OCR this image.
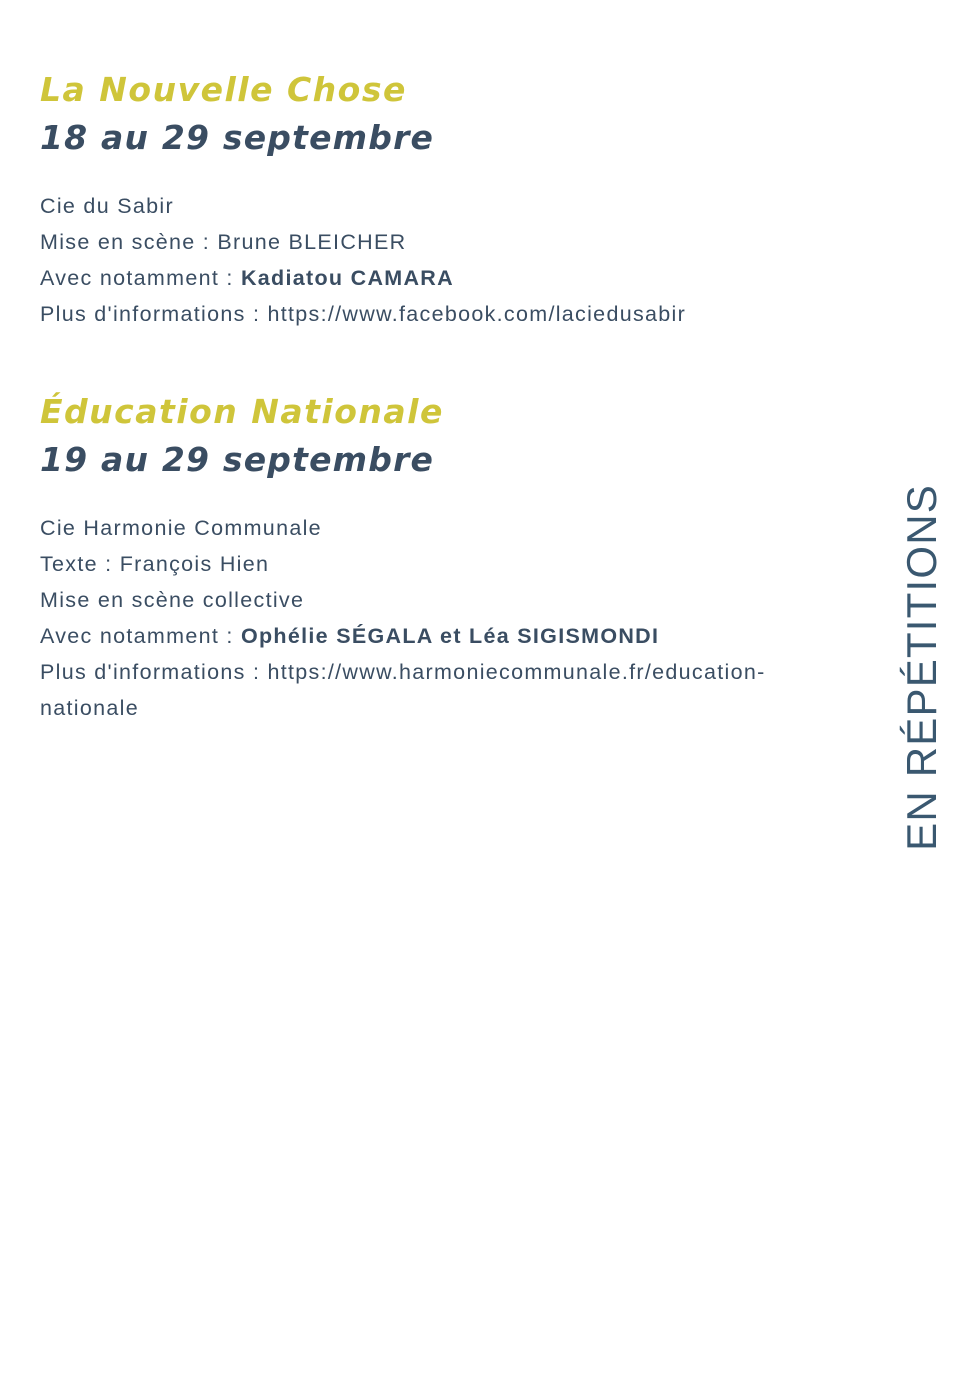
La Nouvelle Chose
18 au 29 septembre
Cie du Sabir
Mise en scène : Brune BLEICHER
Avec notamment : Kadiatou CAMARA
Plus d'informations : https://www.facebook.com/laciedusabir
Éducation Nationale
19 au 29 septembre
Cie Harmonie Communale
Texte : François Hien
Mise en scène collective
Avec notamment : Ophélie SÉGALA et Léa SIGISMONDI
Plus d'informations : https://www.harmoniecommunale.fr/education-
nationale	EN RÉPÉTITIONS
